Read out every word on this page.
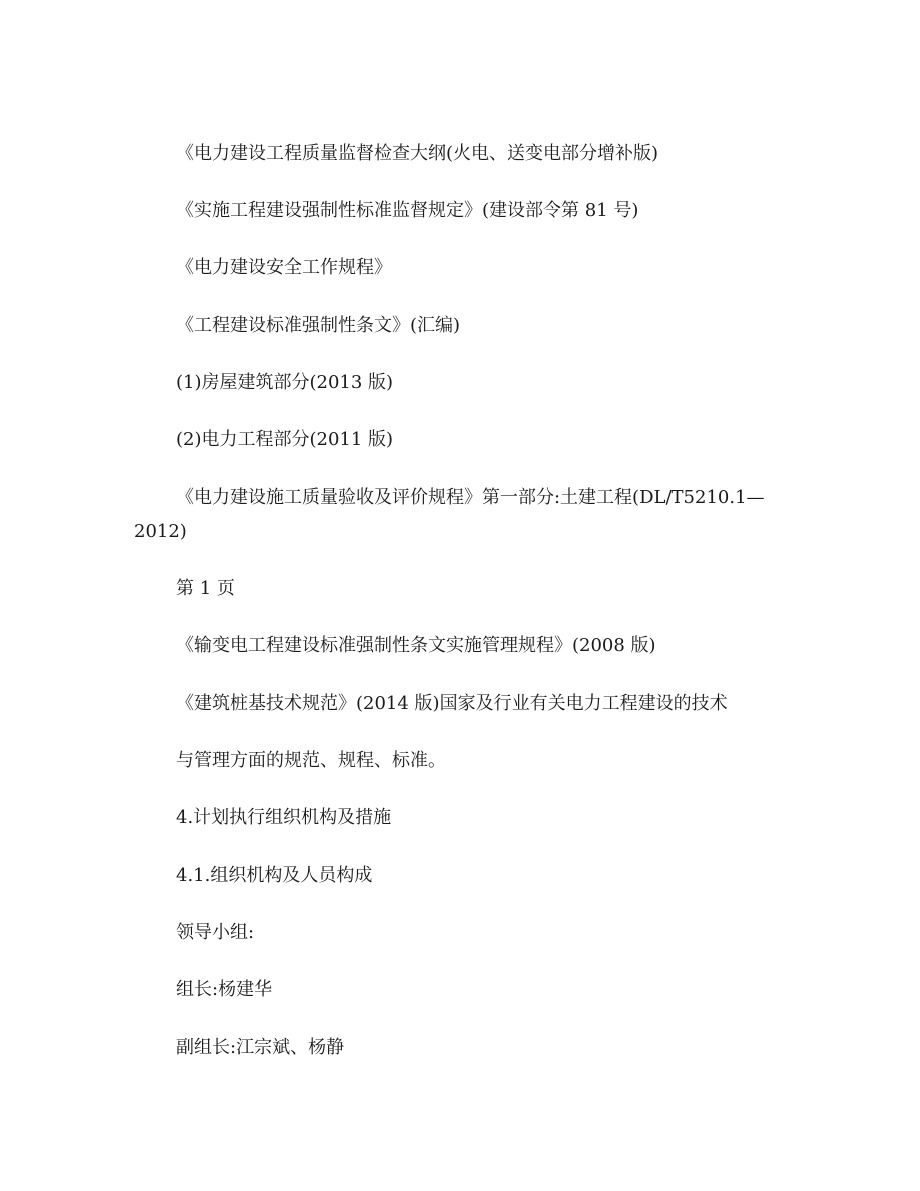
《电力建设工程质量监督检查大纲(火电、送变电部分增补版)

《实施工程建设强制性标准监督规定》(建设部令第 81 号)

《电力建设安全工作规程》

《工程建设标准强制性条文》(汇编)

(1)房屋建筑部分(2013 版)

(2)电力工程部分(2011 版)

《电力建设施工质量验收及评价规程》第一部分:土建工程(DL/T5210.1—

2012)

第 1 页

《输变电工程建设标准强制性条文实施管理规程》(2008 版)

《建筑桩基技术规范》(2014 版)国家及行业有关电力工程建设的技术

与管理方面的规范、规程、标准。

4.计划执行组织机构及措施

4.1.组织机构及人员构成

领导小组:

组长:杨建华

副组长:江宗斌、杨静
